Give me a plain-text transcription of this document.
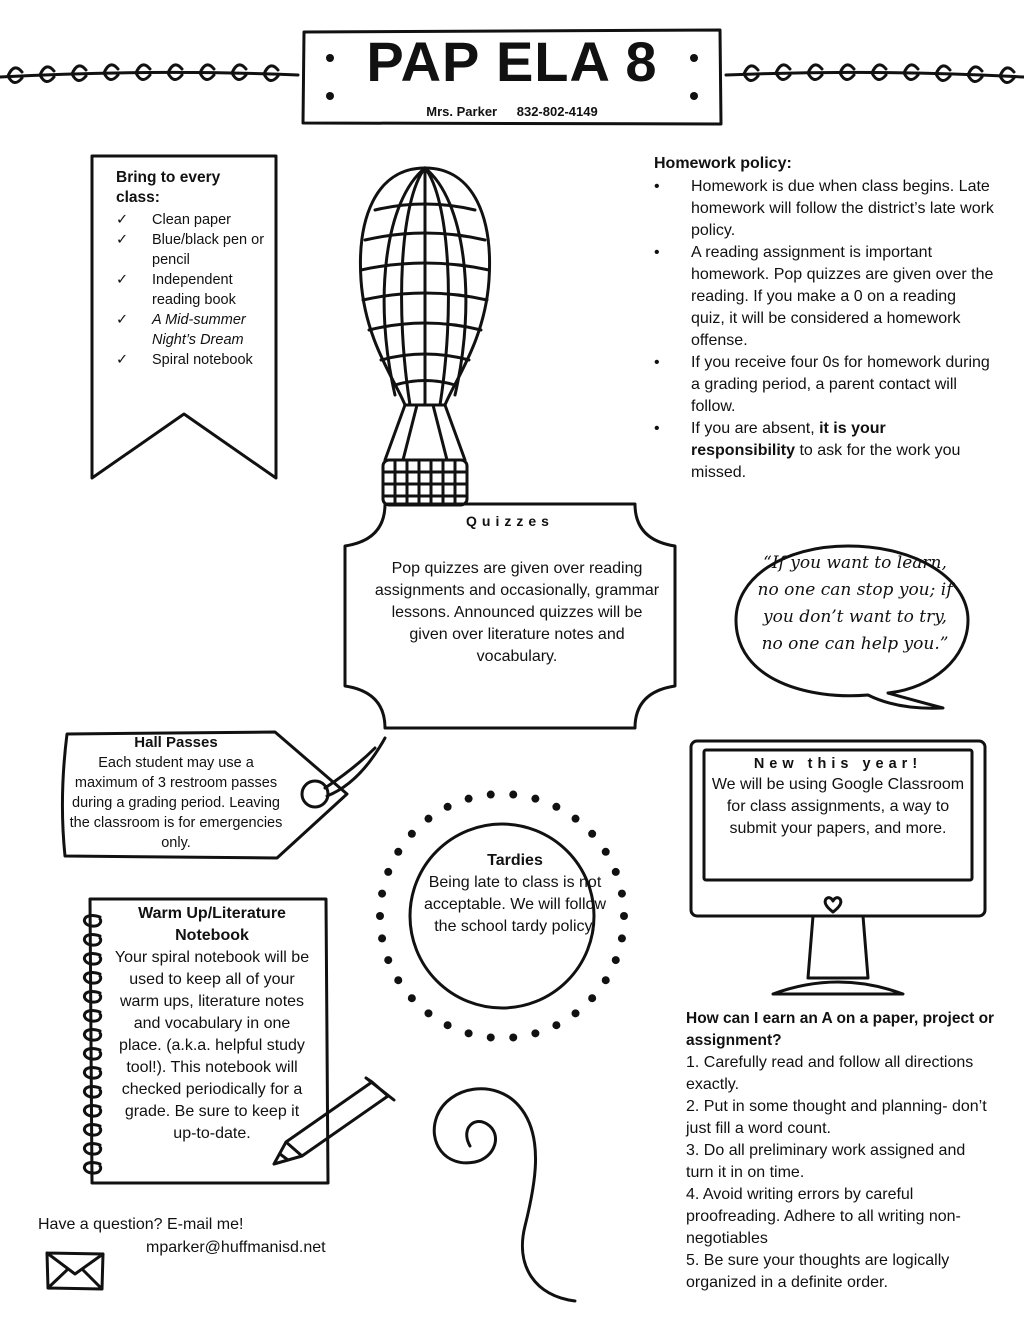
PAP ELA 8
Mrs. Parker 832-802-4149
Bring to every class:
✓ Clean paper
✓ Blue/black pen or pencil
✓ Independent reading book
✓ A Mid-summer Night’s Dream
✓ Spiral notebook
Homework policy:
• Homework is due when class begins. Late homework will follow the district’s late work policy.
• A reading assignment is important homework. Pop quizzes are given over the reading. If you make a 0 on a reading quiz, it will be considered a homework offense.
• If you receive four 0s for homework during a grading period, a parent contact will follow.
• If you are absent, it is your responsibility to ask for the work you missed.
Quizzes
Pop quizzes are given over reading assignments and occasionally, grammar lessons. Announced quizzes will be given over literature notes and vocabulary.
“If you want to learn, no one can stop you; if you don’t want to try, no one can help you.”
Hall Passes
Each student may use a maximum of 3 restroom passes during a grading period. Leaving the classroom is for emergencies only.
New this year!
We will be using Google Classroom for class assignments, a way to submit your papers, and more.
Tardies
Being late to class is not acceptable. We will follow the school tardy policy.
Warm Up/Literature Notebook
Your spiral notebook will be used to keep all of your warm ups, literature notes and vocabulary in one place. (a.k.a. helpful study tool!). This notebook will checked periodically for a grade. Be sure to keep it up-to-date.
How can I earn an A on a paper, project or assignment?
1. Carefully read and follow all directions exactly.
2. Put in some thought and planning- don’t just fill a word count.
3. Do all preliminary work assigned and turn it in on time.
4. Avoid writing errors by careful proofreading. Adhere to all writing non-negotiables
5. Be sure your thoughts are logically organized in a definite order.
Have a question? E-mail me!
mparker@huffmanisd.net
